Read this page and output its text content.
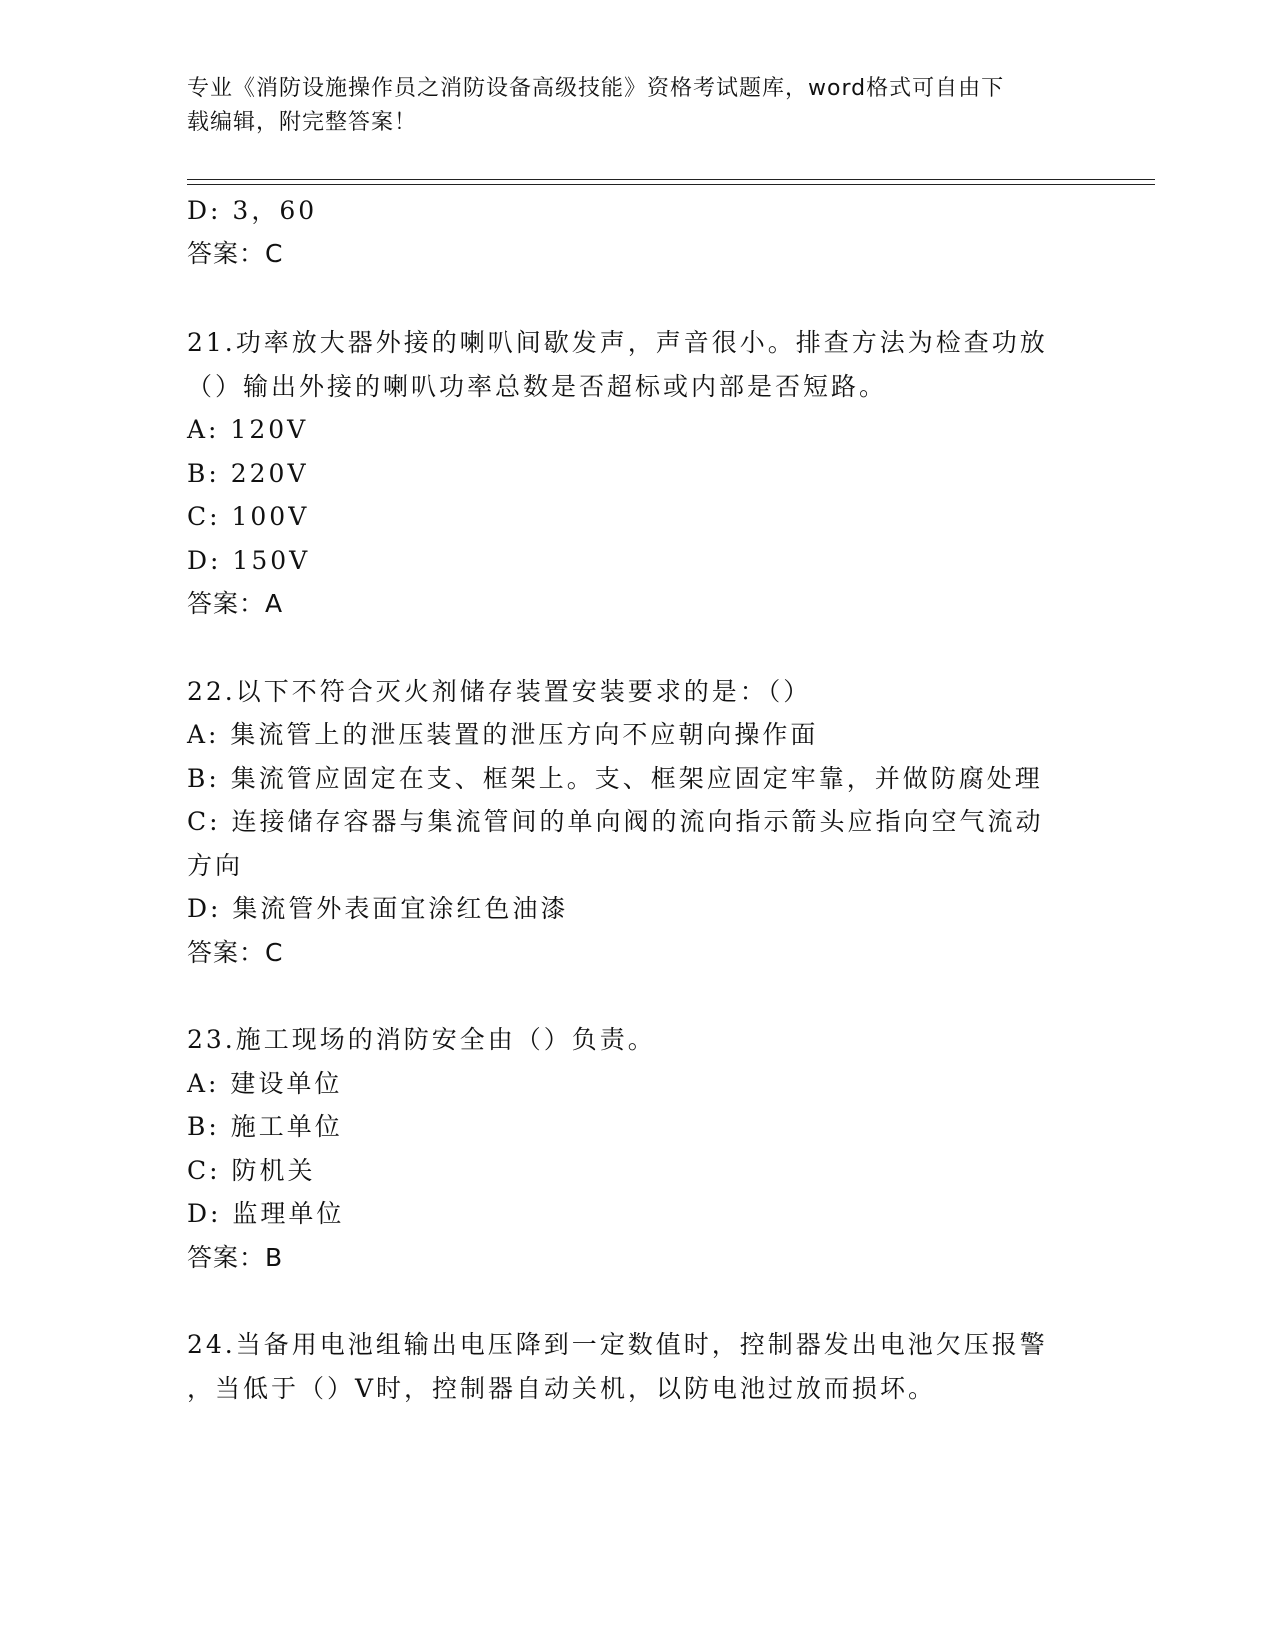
专业《消防设施操作员之消防设备高级技能》资格考试题库，word格式可自由下
载编辑，附完整答案！
D: 3，60
答案：C
21.功率放大器外接的喇叭间歇发声，声音很小。排查方法为检查功放
（）输出外接的喇叭功率总数是否超标或内部是否短路。
A: 120V
B: 220V
C: 100V
D: 150V
答案：A
22.以下不符合灭火剂储存装置安装要求的是：（）
A: 集流管上的泄压装置的泄压方向不应朝向操作面
B: 集流管应固定在支、框架上。支、框架应固定牢靠，并做防腐处理
C: 连接储存容器与集流管间的单向阀的流向指示箭头应指向空气流动
方向
D: 集流管外表面宜涂红色油漆
答案：C
23.施工现场的消防安全由（）负责。
A: 建设单位
B: 施工单位
C: 防机关
D: 监理单位
答案：B
24.当备用电池组输出电压降到一定数值时，控制器发出电池欠压报警
，当低于（）V时，控制器自动关机，以防电池过放而损坏。
